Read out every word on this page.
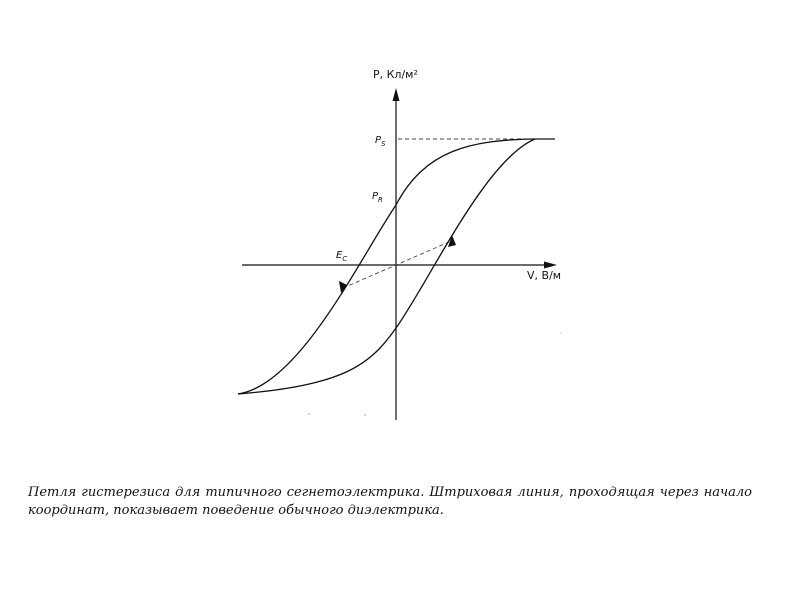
P, Кл/м²
V, В/м
$P_S$
$P_R$
$E_C$

Петля гистерезиса для типичного сегнетоэлектрика. Штриховая линия, проходящая через начало координат, показывает поведение обычного диэлектрика.
